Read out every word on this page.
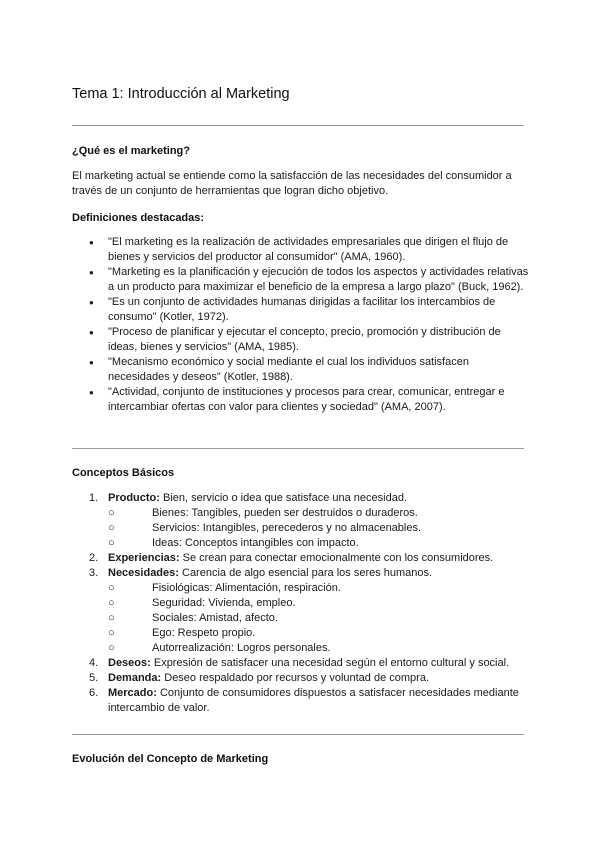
Tema 1: Introducción al Marketing

¿Qué es el marketing?

El marketing actual se entiende como la satisfacción de las necesidades del consumidor a través de un conjunto de herramientas que logran dicho objetivo.

Definiciones destacadas:

● "El marketing es la realización de actividades empresariales que dirigen el flujo de bienes y servicios del productor al consumidor" (AMA, 1960).
● "Marketing es la planificación y ejecución de todos los aspectos y actividades relativas a un producto para maximizar el beneficio de la empresa a largo plazo" (Buck, 1962).
● "Es un conjunto de actividades humanas dirigidas a facilitar los intercambios de consumo" (Kotler, 1972).
● "Proceso de planificar y ejecutar el concepto, precio, promoción y distribución de ideas, bienes y servicios" (AMA, 1985).
● "Mecanismo económico y social mediante el cual los individuos satisfacen necesidades y deseos" (Kotler, 1988).
● "Actividad, conjunto de instituciones y procesos para crear, comunicar, entregar e intercambiar ofertas con valor para clientes y sociedad" (AMA, 2007).

Conceptos Básicos

1. Producto: Bien, servicio o idea que satisface una necesidad.
○ Bienes: Tangibles, pueden ser destruidos o duraderos.
○ Servicios: Intangibles, perecederos y no almacenables.
○ Ideas: Conceptos intangibles con impacto.
2. Experiencias: Se crean para conectar emocionalmente con los consumidores.
3. Necesidades: Carencia de algo esencial para los seres humanos.
○ Fisiológicas: Alimentación, respiración.
○ Seguridad: Vivienda, empleo.
○ Sociales: Amistad, afecto.
○ Ego: Respeto propio.
○ Autorrealización: Logros personales.
4. Deseos: Expresión de satisfacer una necesidad según el entorno cultural y social.
5. Demanda: Deseo respaldado por recursos y voluntad de compra.
6. Mercado: Conjunto de consumidores dispuestos a satisfacer necesidades mediante intercambio de valor.

Evolución del Concepto de Marketing
